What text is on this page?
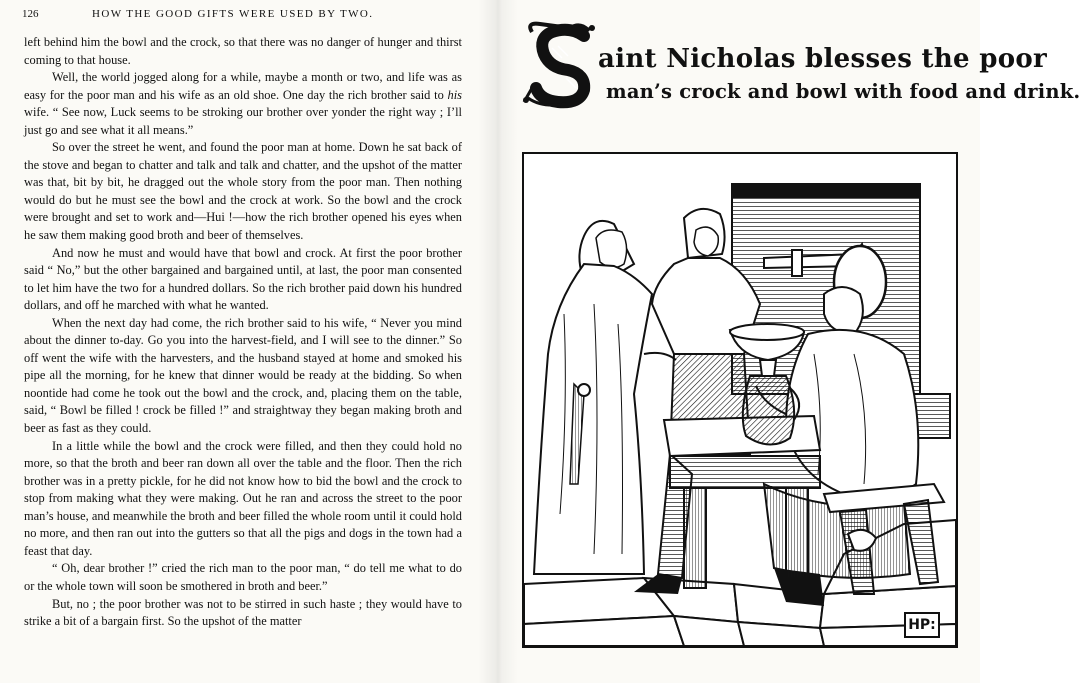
126	HOW THE GOOD GIFTS WERE USED BY TWO.

left behind him the bowl and the crock, so that there was no danger of hunger and thirst coming to that house.

Well, the world jogged along for a while, maybe a month or two, and life was as easy for the poor man and his wife as an old shoe. One day the rich brother said to his wife. “ See now, Luck seems to be stroking our brother over yonder the right way ; I’ll just go and see what it all means.”

So over the street he went, and found the poor man at home. Down he sat back of the stove and began to chatter and talk and talk and chatter, and the upshot of the matter was that, bit by bit, he dragged out the whole story from the poor man. Then nothing would do but he must see the bowl and the crock at work. So the bowl and the crock were brought and set to work and—Hui !—how the rich brother opened his eyes when he saw them making good broth and beer of themselves.

And now he must and would have that bowl and crock. At first the poor brother said “ No,” but the other bargained and bargained until, at last, the poor man consented to let him have the two for a hundred dollars. So the rich brother paid down his hundred dollars, and off he marched with what he wanted.

When the next day had come, the rich brother said to his wife, “ Never you mind about the dinner to-day. Go you into the harvest-field, and I will see to the dinner.” So off went the wife with the harvesters, and the husband stayed at home and smoked his pipe all the morning, for he knew that dinner would be ready at the bidding. So when noontide had come he took out the bowl and the crock, and, placing them on the table, said, “ Bowl be filled ! crock be filled !” and straightway they began making broth and beer as fast as they could.

In a little while the bowl and the crock were filled, and then they could hold no more, so that the broth and beer ran down all over the table and the floor. Then the rich brother was in a pretty pickle, for he did not know how to bid the bowl and the crock to stop from making what they were making. Out he ran and across the street to the poor man’s house, and meanwhile the broth and beer filled the whole room until it could hold no more, and then ran out into the gutters so that all the pigs and dogs in the town had a feast that day.

“ Oh, dear brother !” cried the rich man to the poor man, “ do tell me what to do or the whole town will soon be smothered in broth and beer.”

But, no ; the poor brother was not to be stirred in such haste ; they would have to strike a bit of a bargain first. So the upshot of the matter

aint Nicholas blesses the poor
man’s crock and bowl with food and drink.
HP:
